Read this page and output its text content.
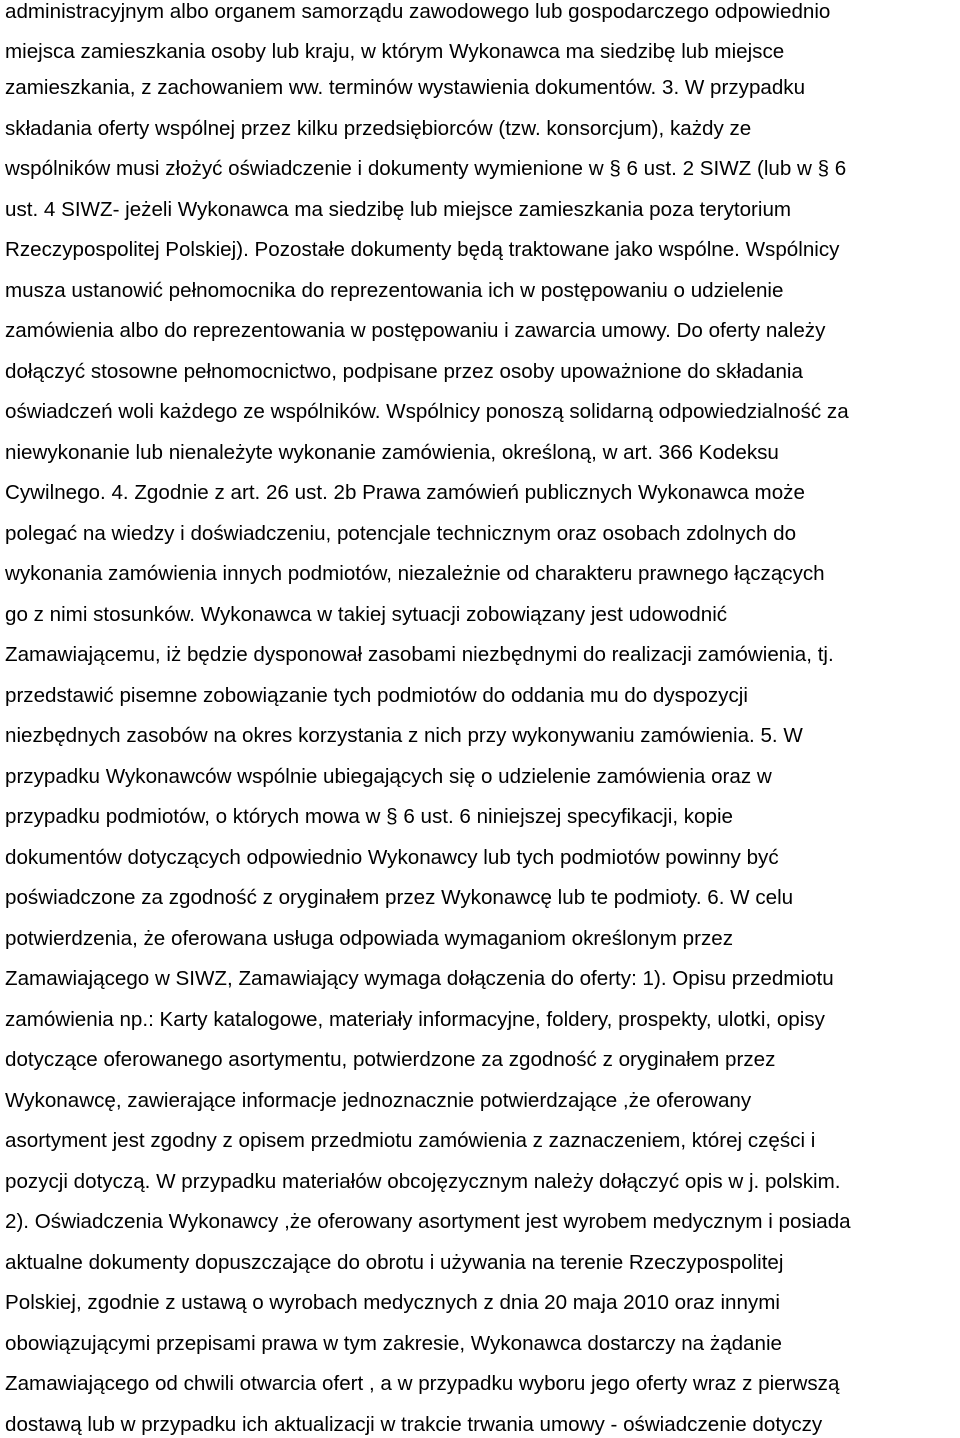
administracyjnym albo organem samorządu zawodowego lub gospodarczego odpowiednio
miejsca zamieszkania osoby lub kraju, w którym Wykonawca ma siedzibę lub miejsce
zamieszkania, z zachowaniem ww. terminów wystawienia dokumentów. 3. W przypadku
składania oferty wspólnej przez kilku przedsiębiorców (tzw. konsorcjum), każdy ze
wspólników musi złożyć oświadczenie i dokumenty wymienione w § 6 ust. 2 SIWZ (lub w § 6
ust. 4 SIWZ- jeżeli Wykonawca ma siedzibę lub miejsce zamieszkania poza terytorium
Rzeczypospolitej Polskiej). Pozostałe dokumenty będą traktowane jako wspólne. Wspólnicy
musza ustanowić pełnomocnika do reprezentowania ich w postępowaniu o udzielenie
zamówienia albo do reprezentowania w postępowaniu i zawarcia umowy. Do oferty należy
dołączyć stosowne pełnomocnictwo, podpisane przez osoby upoważnione do składania
oświadczeń woli każdego ze wspólników. Wspólnicy ponoszą solidarną odpowiedzialność za
niewykonanie lub nienależyte wykonanie zamówienia, określoną, w art. 366 Kodeksu
Cywilnego. 4. Zgodnie z art. 26 ust. 2b Prawa zamówień publicznych Wykonawca może
polegać na wiedzy i doświadczeniu, potencjale technicznym oraz osobach zdolnych do
wykonania zamówienia innych podmiotów, niezależnie od charakteru prawnego łączących
go z nimi stosunków. Wykonawca w takiej sytuacji zobowiązany jest udowodnić
Zamawiającemu, iż będzie dysponował zasobami niezbędnymi do realizacji zamówienia, tj.
przedstawić pisemne zobowiązanie tych podmiotów do oddania mu do dyspozycji
niezbędnych zasobów na okres korzystania z nich przy wykonywaniu zamówienia. 5. W
przypadku Wykonawców wspólnie ubiegających się o udzielenie zamówienia oraz w
przypadku podmiotów, o których mowa w § 6 ust. 6 niniejszej specyfikacji, kopie
dokumentów dotyczących odpowiednio Wykonawcy lub tych podmiotów powinny być
poświadczone za zgodność z oryginałem przez Wykonawcę lub te podmioty. 6. W celu
potwierdzenia, że oferowana usługa odpowiada wymaganiom określonym przez
Zamawiającego w SIWZ, Zamawiający wymaga dołączenia do oferty: 1). Opisu przedmiotu
zamówienia np.: Karty katalogowe, materiały informacyjne, foldery, prospekty, ulotki, opisy
dotyczące oferowanego asortymentu, potwierdzone za zgodność z oryginałem przez
Wykonawcę, zawierające informacje jednoznacznie potwierdzające ,że oferowany
asortyment jest zgodny z opisem przedmiotu zamówienia z zaznaczeniem, której części i
pozycji dotyczą. W przypadku materiałów obcojęzycznym należy dołączyć opis w j. polskim.
2). Oświadczenia Wykonawcy ,że oferowany asortyment jest wyrobem medycznym i posiada
aktualne dokumenty dopuszczające do obrotu i używania na terenie Rzeczypospolitej
Polskiej, zgodnie z ustawą o wyrobach medycznych z dnia 20 maja 2010 oraz innymi
obowiązującymi przepisami prawa w tym zakresie, Wykonawca dostarczy na żądanie
Zamawiającego od chwili otwarcia ofert , a w przypadku wyboru jego oferty wraz z pierwszą
dostawą lub w przypadku ich aktualizacji w trakcie trwania umowy - oświadczenie dotyczy
